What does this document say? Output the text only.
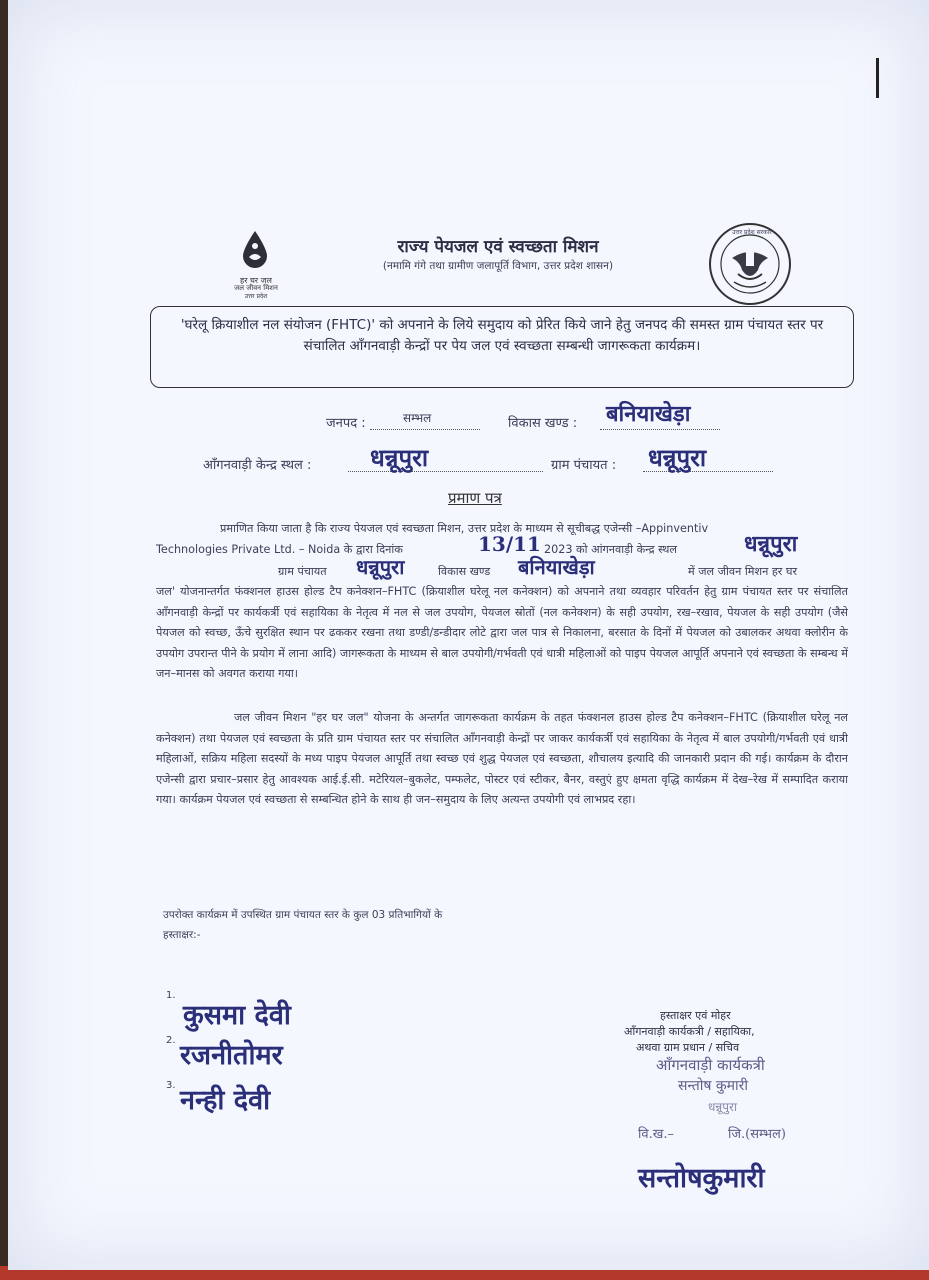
हर घर जल
जल जीवन मिशन
उत्तर प्रदेश
राज्य पेयजल एवं स्वच्छता मिशन
(नमामि गंगे तथा ग्रामीण जलापूर्ति विभाग, उत्तर प्रदेश शासन)
उत्तर प्रदेश सरकार
'घरेलू क्रियाशील नल संयोजन (FHTC)' को अपनाने के लिये समुदाय को प्रेरित किये जाने हेतु जनपद की समस्त ग्राम पंचायत स्तर पर संचालित आँगनवाड़ी केन्द्रों पर पेय जल एवं स्वच्छता सम्बन्धी जागरूकता कार्यक्रम।
जनपद :	सम्भल	विकास खण्ड : बनियाखेड़ा
आँगनवाड़ी केन्द्र स्थल : धन्नूपुरा	ग्राम पंचायत : धन्नूपुरा
प्रमाण पत्र
प्रमाणित किया जाता है कि राज्य पेयजल एवं स्वच्छता मिशन, उत्तर प्रदेश के माध्यम से सूचीबद्ध एजेन्सी –Appinventiv
Technologies Private Ltd. – Noida के द्वारा दिनांक	13/11 2023 को आंगनवाड़ी केन्द्र स्थल	धन्नूपुरा
ग्राम पंचायत	धन्नूपुरा	विकास खण्ड	बनियाखेड़ा	में जल जीवन मिशन हर घर
जल' योजनान्तर्गत फंक्शनल हाउस होल्ड टैप कनेक्शन–FHTC (क्रियाशील घरेलू नल कनेक्शन) को अपनाने तथा व्यवहार परिवर्तन हेतु ग्राम पंचायत स्तर पर संचालित आँगनवाड़ी केन्द्रों पर कार्यकर्त्री एवं सहायिका के नेतृत्व में नल से जल उपयोग, पेयजल स्रोतों (नल कनेक्शन) के सही उपयोग, रख–रखाव, पेयजल के सही उपयोग (जैसे पेयजल को स्वच्छ, ऊँचे सुरक्षित स्थान पर ढककर रखना तथा डण्डी/डन्डीदार लोटे द्वारा जल पात्र से निकालना, बरसात के दिनों में पेयजल को उबालकर अथवा क्लोरीन के उपयोग उपरान्त पीने के प्रयोग में लाना आदि) जागरूकता के माध्यम से बाल उपयोगी/गर्भवती एवं धात्री महिलाओं को पाइप पेयजल आपूर्ति अपनाने एवं स्वच्छता के सम्बन्ध में जन–मानस को अवगत कराया गया।
जल जीवन मिशन "हर घर जल" योजना के अन्तर्गत जागरूकता कार्यक्रम के तहत फंक्शनल हाउस होल्ड टैप कनेक्शन–FHTC (क्रियाशील घरेलू नल कनेक्शन) तथा पेयजल एवं स्वच्छता के प्रति ग्राम पंचायत स्तर पर संचालित आँगनवाड़ी केन्द्रों पर जाकर कार्यकर्त्री एवं सहायिका के नेतृत्व में बाल उपयोगी/गर्भवती एवं धात्री महिलाओं, सक्रिय महिला सदस्यों के मध्य पाइप पेयजल आपूर्ति तथा स्वच्छ एवं शुद्ध पेयजल एवं स्वच्छता, शौचालय इत्यादि की जानकारी प्रदान की गई। कार्यक्रम के दौरान एजेन्सी द्वारा प्रचार–प्रसार हेतु आवश्यक आई.ई.सी. मटेरियल–बुकलेट, पम्फलेट, पोस्टर एवं स्टीकर, बैनर, वस्तुएं हुए क्षमता वृद्धि कार्यक्रम में देख–रेख में सम्पादित कराया गया। कार्यक्रम पेयजल एवं स्वच्छता से सम्बन्धित होने के साथ ही जन–समुदाय के लिए अत्यन्त उपयोगी एवं लाभप्रद रहा।
उपरोक्त कार्यक्रम में उपस्थित ग्राम पंचायत स्तर के कुल 03 प्रतिभागियों के
हस्ताक्षर:-
1.
कुसमा देवी
2. रजनीतोमर
3. नन्ही देवी
हस्ताक्षर एवं मोहर
आँगनवाड़ी कार्यकत्री / सहायिका,
अथवा ग्राम प्रधान / सचिव
आँगनवाड़ी कार्यकत्री
सन्तोष कुमारी
धन्नूपुरा
वि.ख.–	जि.(सम्भल)
सन्तोषकुमारी
